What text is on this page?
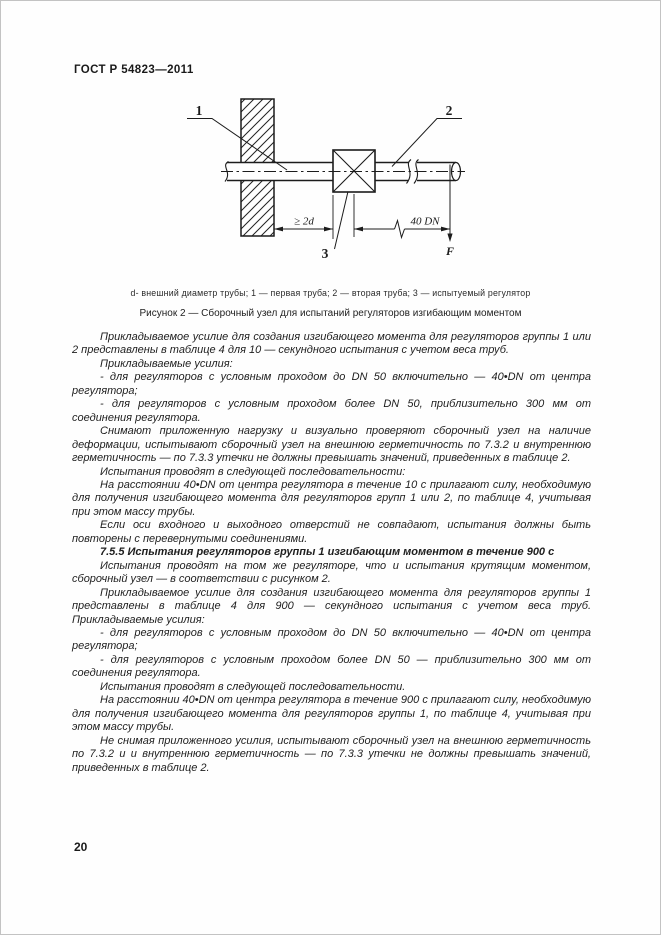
ГОСТ Р 54823—2011
1	2
3
≥ 2d	40 DN
F
d- внешний диаметр трубы; 1 — первая труба; 2 — вторая труба; 3 — испытуемый регулятор
Рисунок 2 — Сборочный узел для испытаний регуляторов изгибающим моментом

Прикладываемое усилие для создания изгибающего момента для регуляторов группы 1 или 2 представлены в таблице 4 для 10 — секундного испытания с учетом веса труб.

Прикладываемые усилия:

- для регуляторов с условным проходом до DN 50 включительно — 40•DN от центра регулятора;

- для регуляторов с условным проходом более DN 50, приблизительно 300 мм от соединения регулятора.

Снимают приложенную нагрузку и визуально проверяют сборочный узел на наличие деформации, испытывают сборочный узел на внешнюю герметичность по 7.3.2 и внутреннюю герметичность — по 7.3.3 утечки не должны превышать значений, приведенных в таблице 2.

Испытания проводят в следующей последовательности:

На расстоянии 40•DN от центра регулятора в течение 10 с прилагают силу, необходимую для получения изгибающего момента для регуляторов групп 1 или 2, по таблице 4, учитывая при этом массу трубы.

Если оси входного и выходного отверстий не совпадают, испытания должны быть повторены с перевернутыми соединениями.

7.5.5 Испытания регуляторов группы 1 изгибающим моментом в течение 900 с

Испытания проводят на том же регуляторе, что и испытания крутящим моментом, сборочный узел — в соответствии с рисунком 2.

Прикладываемое усилие для создания изгибающего момента для регуляторов группы 1 представлены в таблице 4 для 900 — секундного испытания с учетом веса труб. Прикладываемые усилия:

- для регуляторов с условным проходом до DN 50 включительно — 40•DN от центра регулятора;

- для регуляторов с условным проходом более DN 50 — приблизительно 300 мм от соединения регулятора.

Испытания проводят в следующей последовательности.

На расстоянии 40•DN от центра регулятора в течение 900 с прилагают силу, необходимую для получения изгибающего момента для регуляторов группы 1, по таблице 4, учитывая при этом массу трубы.

Не снимая приложенного усилия, испытывают сборочный узел на внешнюю герметичность по 7.3.2 и и внутреннюю герметичность — по 7.3.3 утечки не должны превышать значений, приведенных в таблице 2.

20
